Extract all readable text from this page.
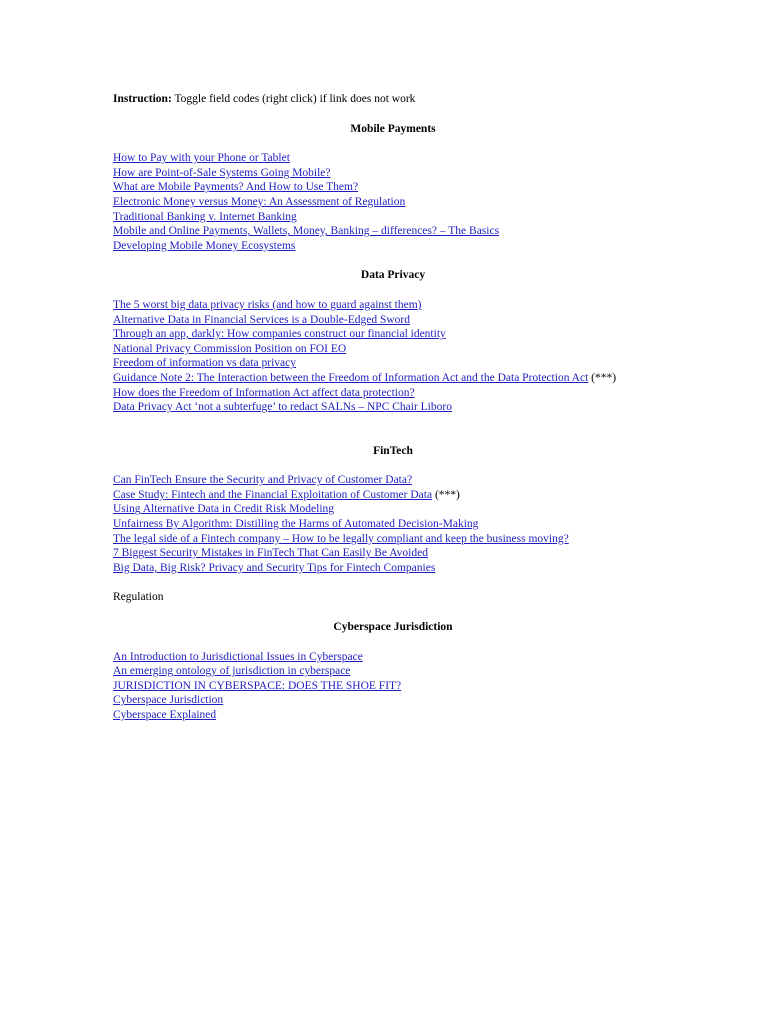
Instruction: Toggle field codes (right click) if link does not work

Mobile Payments
How to Pay with your Phone or Tablet
How are Point-of-Sale Systems Going Mobile?
What are Mobile Payments? And How to Use Them?
Electronic Money versus Money: An Assessment of Regulation
Traditional Banking v. Internet Banking
Mobile and Online Payments, Wallets, Money, Banking – differences? – The Basics
Developing Mobile Money Ecosystems
Data Privacy
The 5 worst big data privacy risks (and how to guard against them)
Alternative Data in Financial Services is a Double-Edged Sword
Through an app, darkly: How companies construct our financial identity
National Privacy Commission Position on FOI EO
Freedom of information vs data privacy
Guidance Note 2: The Interaction between the Freedom of Information Act and the Data Protection Act (***)
How does the Freedom of Information Act affect data protection?
Data Privacy Act ‘not a subterfuge’ to redact SALNs – NPC Chair Liboro
FinTech
Can FinTech Ensure the Security and Privacy of Customer Data?
Case Study: Fintech and the Financial Exploitation of Customer Data (***)
Using Alternative Data in Credit Risk Modeling
Unfairness By Algorithm: Distilling the Harms of Automated Decision-Making
The legal side of a Fintech company – How to be legally compliant and keep the business moving?
7 Biggest Security Mistakes in FinTech That Can Easily Be Avoided
Big Data, Big Risk? Privacy and Security Tips for Fintech Companies

Regulation

Cyberspace Jurisdiction
An Introduction to Jurisdictional Issues in Cyberspace
An emerging ontology of jurisdiction in cyberspace
JURISDICTION IN CYBERSPACE: DOES THE SHOE FIT?
Cyberspace Jurisdiction
Cyberspace Explained
